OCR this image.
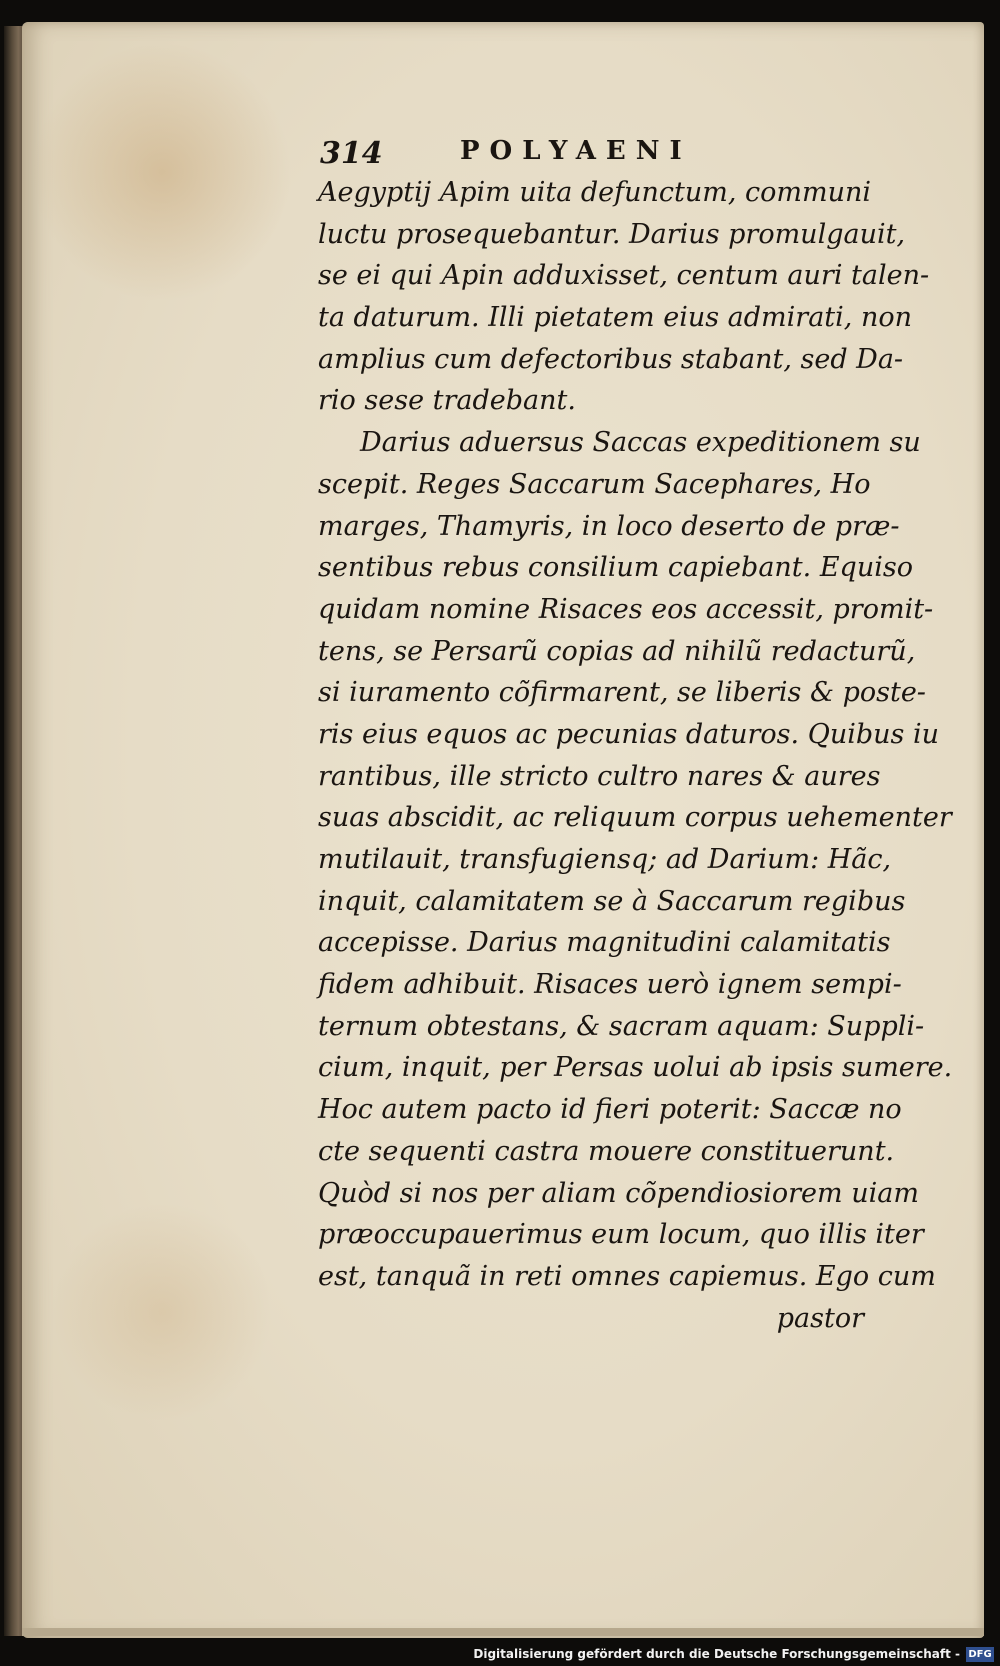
314	POLYAENI
Aegyptij Apim uita defunctum, communi
luctu prosequebantur. Darius promulgauit,
se ei qui Apin adduxisset, centum auri talen-
ta daturum. Illi pietatem eius admirati, non
amplius cum defectoribus stabant, sed Da-
rio sese tradebant.
Darius aduersus Saccas expeditionem su
scepit. Reges Saccarum Sacephares, Ho
marges, Thamyris, in loco deserto de præ-
sentibus rebus consilium capiebant. Equiso
quidam nomine Risaces eos accessit, promit-
tens, se Persarũ copias ad nihilũ redacturũ,
si iuramento cõfirmarent, se liberis & poste-
ris eius equos ac pecunias daturos. Quibus iu
rantibus, ille stricto cultro nares & aures
suas abscidit, ac reliquum corpus uehementer
mutilauit, transfugiensq; ad Darium: Hãc,
inquit, calamitatem se à Saccarum regibus
accepisse. Darius magnitudini calamitatis
fidem adhibuit. Risaces uerò ignem sempi-
ternum obtestans, & sacram aquam: Suppli-
cium, inquit, per Persas uolui ab ipsis sumere.
Hoc autem pacto id fieri poterit: Saccæ no
cte sequenti castra mouere constituerunt.
Quòd si nos per aliam cõpendiosiorem uiam
præoccupauerimus eum locum, quo illis iter
est, tanquã in reti omnes capiemus. Ego cum
pastor
Digitalisierung gefördert durch die Deutsche Forschungsgemeinschaft - DFG
